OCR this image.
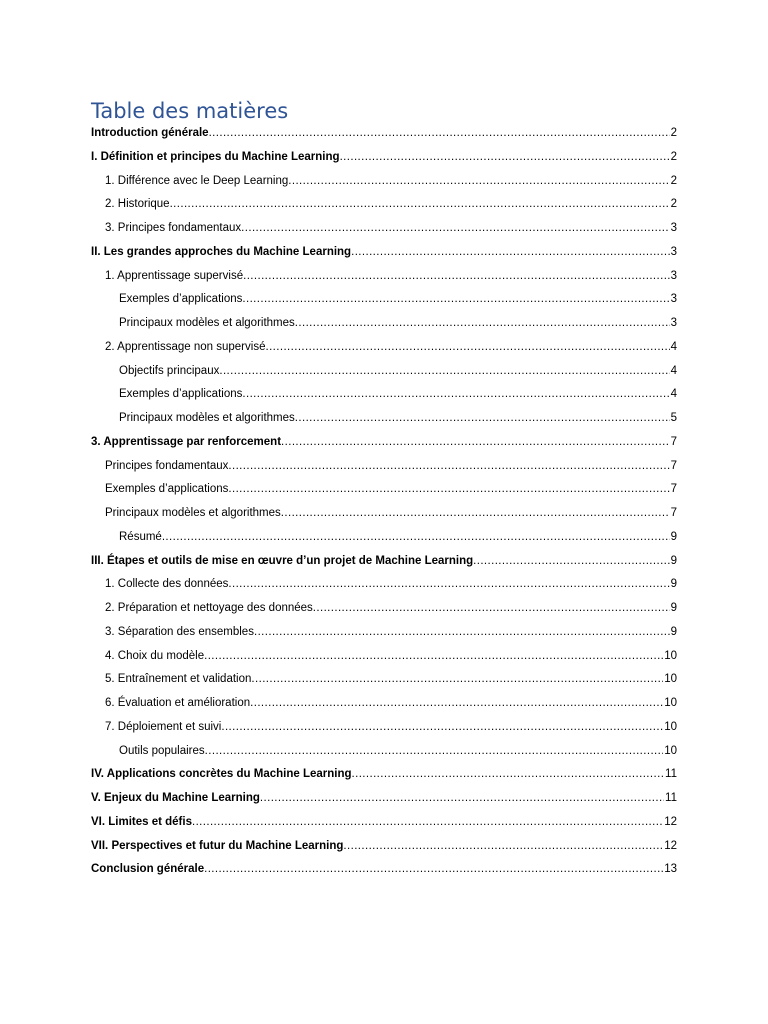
Table des matières
Introduction générale .....	2
I. Définition et principes du Machine Learning .....	2
1. Différence avec le Deep Learning .....	2
2. Historique .....	2
3. Principes fondamentaux .....	3
II. Les grandes approches du Machine Learning .....	3
1. Apprentissage supervisé .....	3
Exemples d’applications .....	3
Principaux modèles et algorithmes .....	3
2. Apprentissage non supervisé .....	4
Objectifs principaux .....	4
Exemples d’applications .....	4
Principaux modèles et algorithmes .....	5
3. Apprentissage par renforcement .....	7
Principes fondamentaux .....	7
Exemples d’applications .....	7
Principaux modèles et algorithmes .....	7
Résumé .....	9
III. Étapes et outils de mise en œuvre d’un projet de Machine Learning .....	9
1. Collecte des données .....	9
2. Préparation et nettoyage des données .....	9
3. Séparation des ensembles .....	9
4. Choix du modèle .....	10
5. Entraînement et validation .....	10
6. Évaluation et amélioration .....	10
7. Déploiement et suivi .....	10
Outils populaires .....	10
IV. Applications concrètes du Machine Learning .....	11
V. Enjeux du Machine Learning .....	11
VI. Limites et défis .....	12
VII. Perspectives et futur du Machine Learning .....	12
Conclusion générale .....	13
